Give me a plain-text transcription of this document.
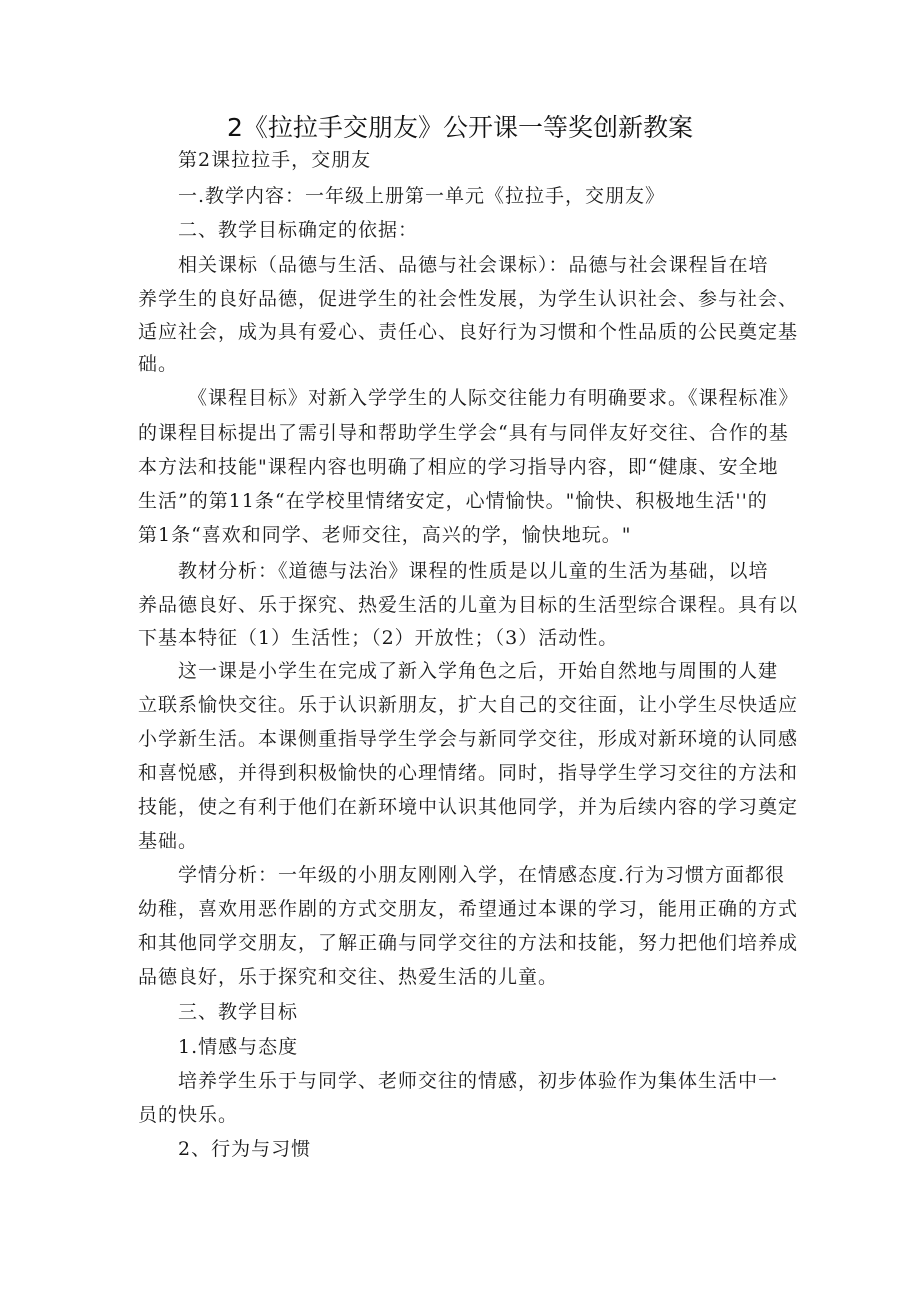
2《拉拉手交朋友》公开课一等奖创新教案
第2课拉拉手，交朋友
一.教学内容：一年级上册第一单元《拉拉手，交朋友》
二、教学目标确定的依据：
相关课标（品德与生活、品德与社会课标）：品德与社会课程旨在培
养学生的良好品德，促进学生的社会性发展，为学生认识社会、参与社会、
适应社会，成为具有爱心、责任心、良好行为习惯和个性品质的公民奠定基
础。
《课程目标》对新入学学生的人际交往能力有明确要求。《课程标准》
的课程目标提出了需引导和帮助学生学会“具有与同伴友好交往、合作的基
本方法和技能"课程内容也明确了相应的学习指导内容，即“健康、安全地
生活”的第11条“在学校里情绪安定，心情愉快。"愉快、积极地生活''的
第1条“喜欢和同学、老师交往，高兴的学，愉快地玩。"
教材分析：《道德与法治》课程的性质是以儿童的生活为基础，以培
养品德良好、乐于探究、热爱生活的儿童为目标的生活型综合课程。具有以
下基本特征（1）生活性；（2）开放性；（3）活动性。
这一课是小学生在完成了新入学角色之后，开始自然地与周围的人建
立联系愉快交往。乐于认识新朋友，扩大自己的交往面，让小学生尽快适应
小学新生活。本课侧重指导学生学会与新同学交往，形成对新环境的认同感
和喜悦感，并得到积极愉快的心理情绪。同时，指导学生学习交往的方法和
技能，使之有利于他们在新环境中认识其他同学，并为后续内容的学习奠定
基础。
学情分析：一年级的小朋友刚刚入学，在情感态度.行为习惯方面都很
幼稚，喜欢用恶作剧的方式交朋友，希望通过本课的学习，能用正确的方式
和其他同学交朋友，了解正确与同学交往的方法和技能，努力把他们培养成
品德良好，乐于探究和交往、热爱生活的儿童。
三、教学目标
1.情感与态度
培养学生乐于与同学、老师交往的情感，初步体验作为集体生活中一
员的快乐。
2、行为与习惯
